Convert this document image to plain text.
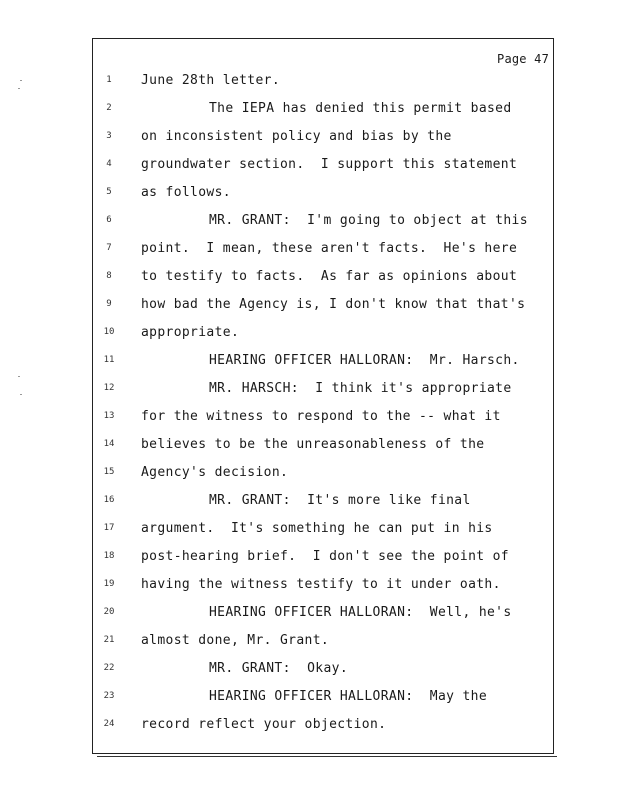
Page 47
1	June 28th letter.
2	The IEPA has denied this permit based
3	on inconsistent policy and bias by the
4	groundwater section.  I support this statement
5	as follows.
6	MR. GRANT:  I'm going to object at this
7	point.  I mean, these aren't facts.  He's here
8	to testify to facts.  As far as opinions about
9	how bad the Agency is, I don't know that that's
10 appropriate.
11	HEARING OFFICER HALLORAN:  Mr. Harsch.
12	MR. HARSCH:  I think it's appropriate
13 for the witness to respond to the -- what it
14 believes to be the unreasonableness of the
15 Agency's decision.
16	MR. GRANT:  It's more like final
17 argument.  It's something he can put in his
18 post-hearing brief.  I don't see the point of
19 having the witness testify to it under oath.
20	HEARING OFFICER HALLORAN:  Well, he's
21 almost done, Mr. Grant.
22	MR. GRANT:  Okay.
23	HEARING OFFICER HALLORAN:  May the
24 record reflect your objection.
